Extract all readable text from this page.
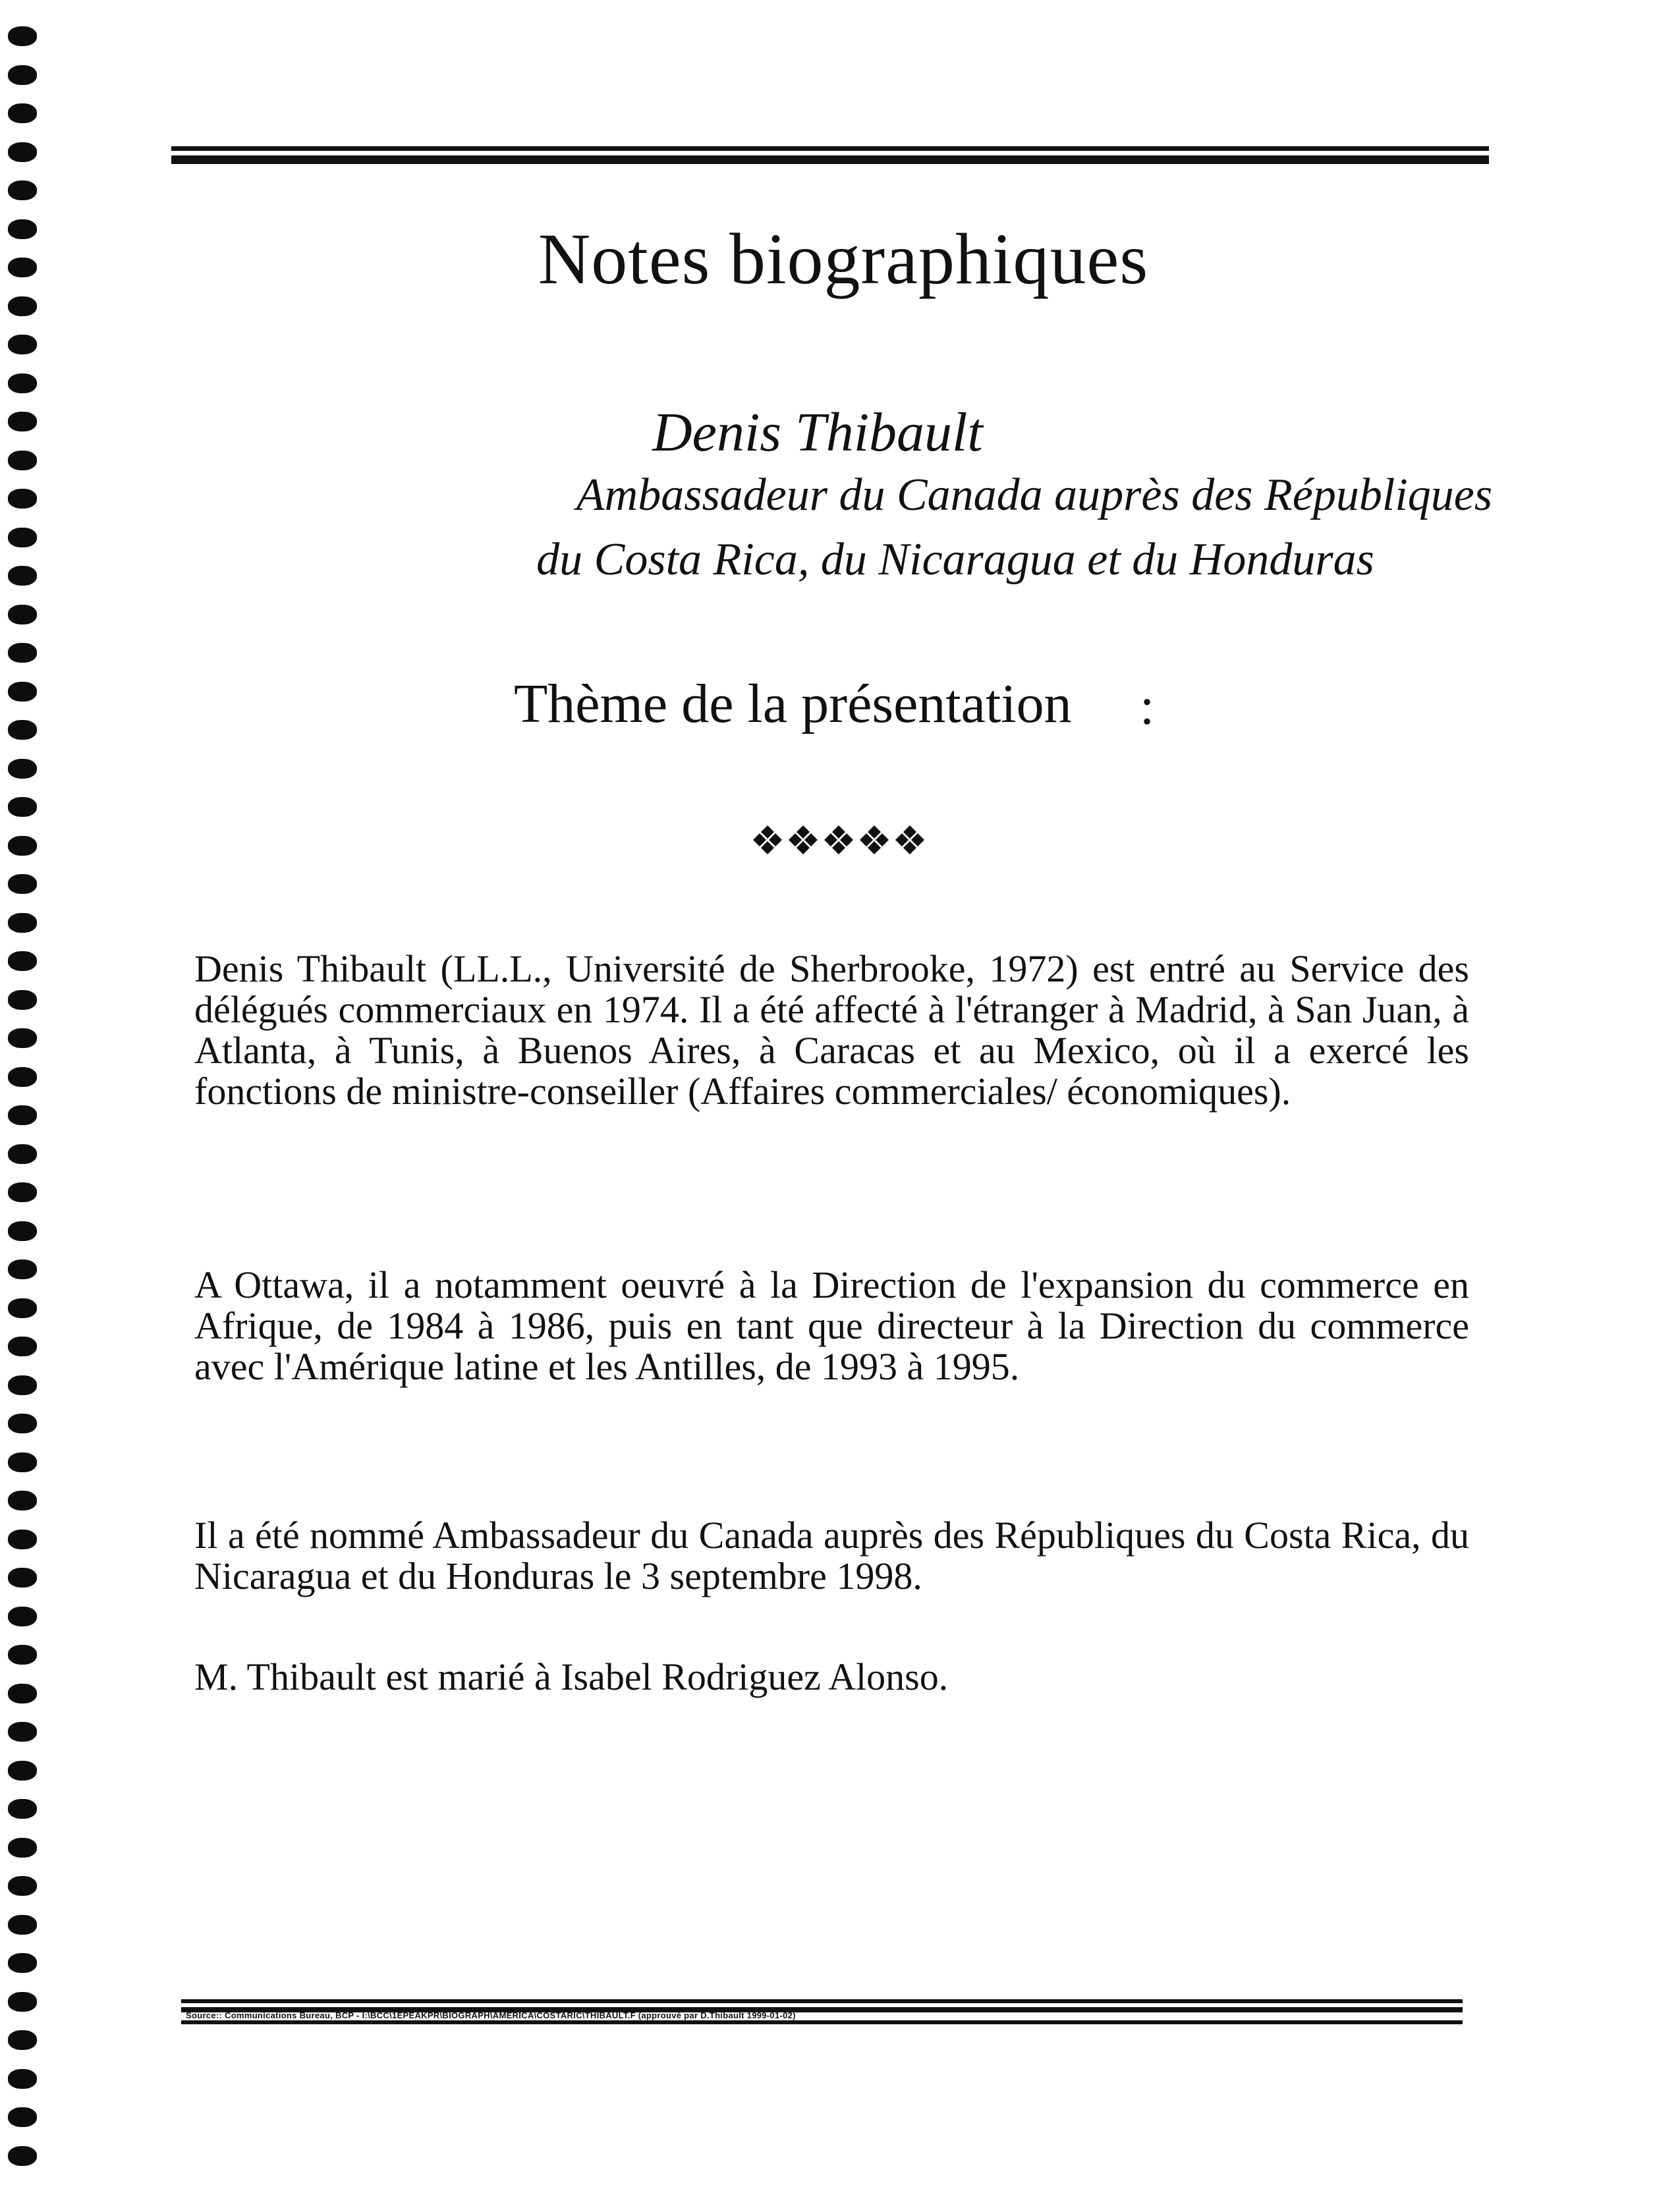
Notes biographiques
Denis Thibault
Ambassadeur du Canada auprès des Républiques
du Costa Rica, du Nicaragua et du Honduras
Thème de la présentation :
Denis Thibault (LL.L., Université de Sherbrooke, 1972) est entré au Service des délégués commerciaux en 1974. Il a été affecté à l'étranger à Madrid, à San Juan, à Atlanta, à Tunis, à Buenos Aires, à Caracas et au Mexico, où il a exercé les fonctions de ministre-conseiller (Affaires commerciales/ économiques).
A Ottawa, il a notamment oeuvré à la Direction de l'expansion du commerce en Afrique, de 1984 à 1986, puis en tant que directeur à la Direction du commerce avec l'Amérique latine et les Antilles, de 1993 à 1995.
Il a été nommé Ambassadeur du Canada auprès des Républiques du Costa Rica, du Nicaragua et du Honduras le 3 septembre 1998.
M. Thibault est marié à Isabel Rodriguez Alonso.
Source:: Communications Bureau, BCP - I:\BCC\1EPEAKPR\BIOGRAPH\AMERICA\COSTARIC\THIBAULT.F (approuvé par D.Thibault 1999-01-02)
